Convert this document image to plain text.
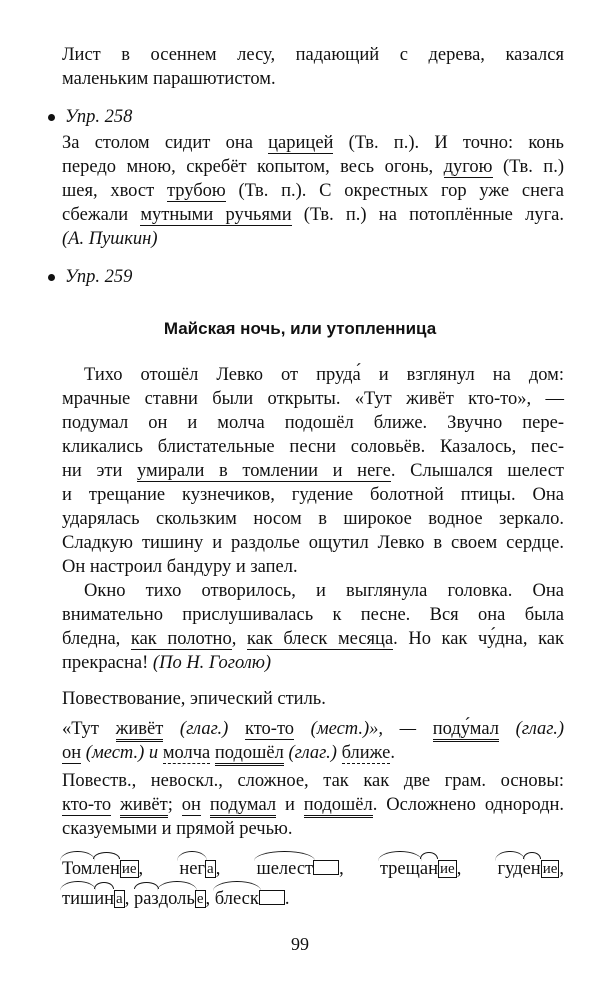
Лист в осеннем лесу, падающий с дерева, казался
маленьким парашютистом.
Упр. 258
За столом сидит она царицей (Тв. п.). И точно: конь
передо мною, скребёт копытом, весь огонь, дугою (Тв. п.)
шея, хвост трубою (Тв. п.). С окрестных гор уже снега
сбежали мутными ручьями (Тв. п.) на потоплённые луга.
(А. Пушкин)
Упр. 259
Майская ночь, или утопленница
Тихо отошёл Левко от пруда́ и взглянул на дом:
мрачные ставни были открыты. «Тут живёт кто-то», —
подумал он и молча подошёл ближе. Звучно пере-
кликались блистательные песни соловьёв. Казалось, пес-
ни эти умирали в томлении и неге. Слышался шелест
и трещание кузнечиков, гудение болотной птицы. Она
ударялась скользким носом в широкое водное зеркало.
Сладкую тишину и раздолье ощутил Левко в своем сердце.
Он настроил бандуру и запел.
Окно тихо отворилось, и выглянула головка. Она
внимательно прислушивалась к песне. Вся она была
бледна, как полотно, как блеск месяца. Но как чу́дна, как
прекрасна! (По Н. Гоголю)
Повествование, эпический стиль.
«Тут живёт (глаг.) кто-то (мест.)», — поду́мал (глаг.)
он (мест.) и молча подошёл (глаг.) ближе.
Повеств., невоскл., сложное, так как две грам. основы:
кто-то живёт; он подумал и подошёл. Осложнено однородн.
сказуемыми и прямой речью.
Томлен ие , нег а , шелест , трещан ие , гуден ие ,
тишин а , раздоль е , блеск .
99
